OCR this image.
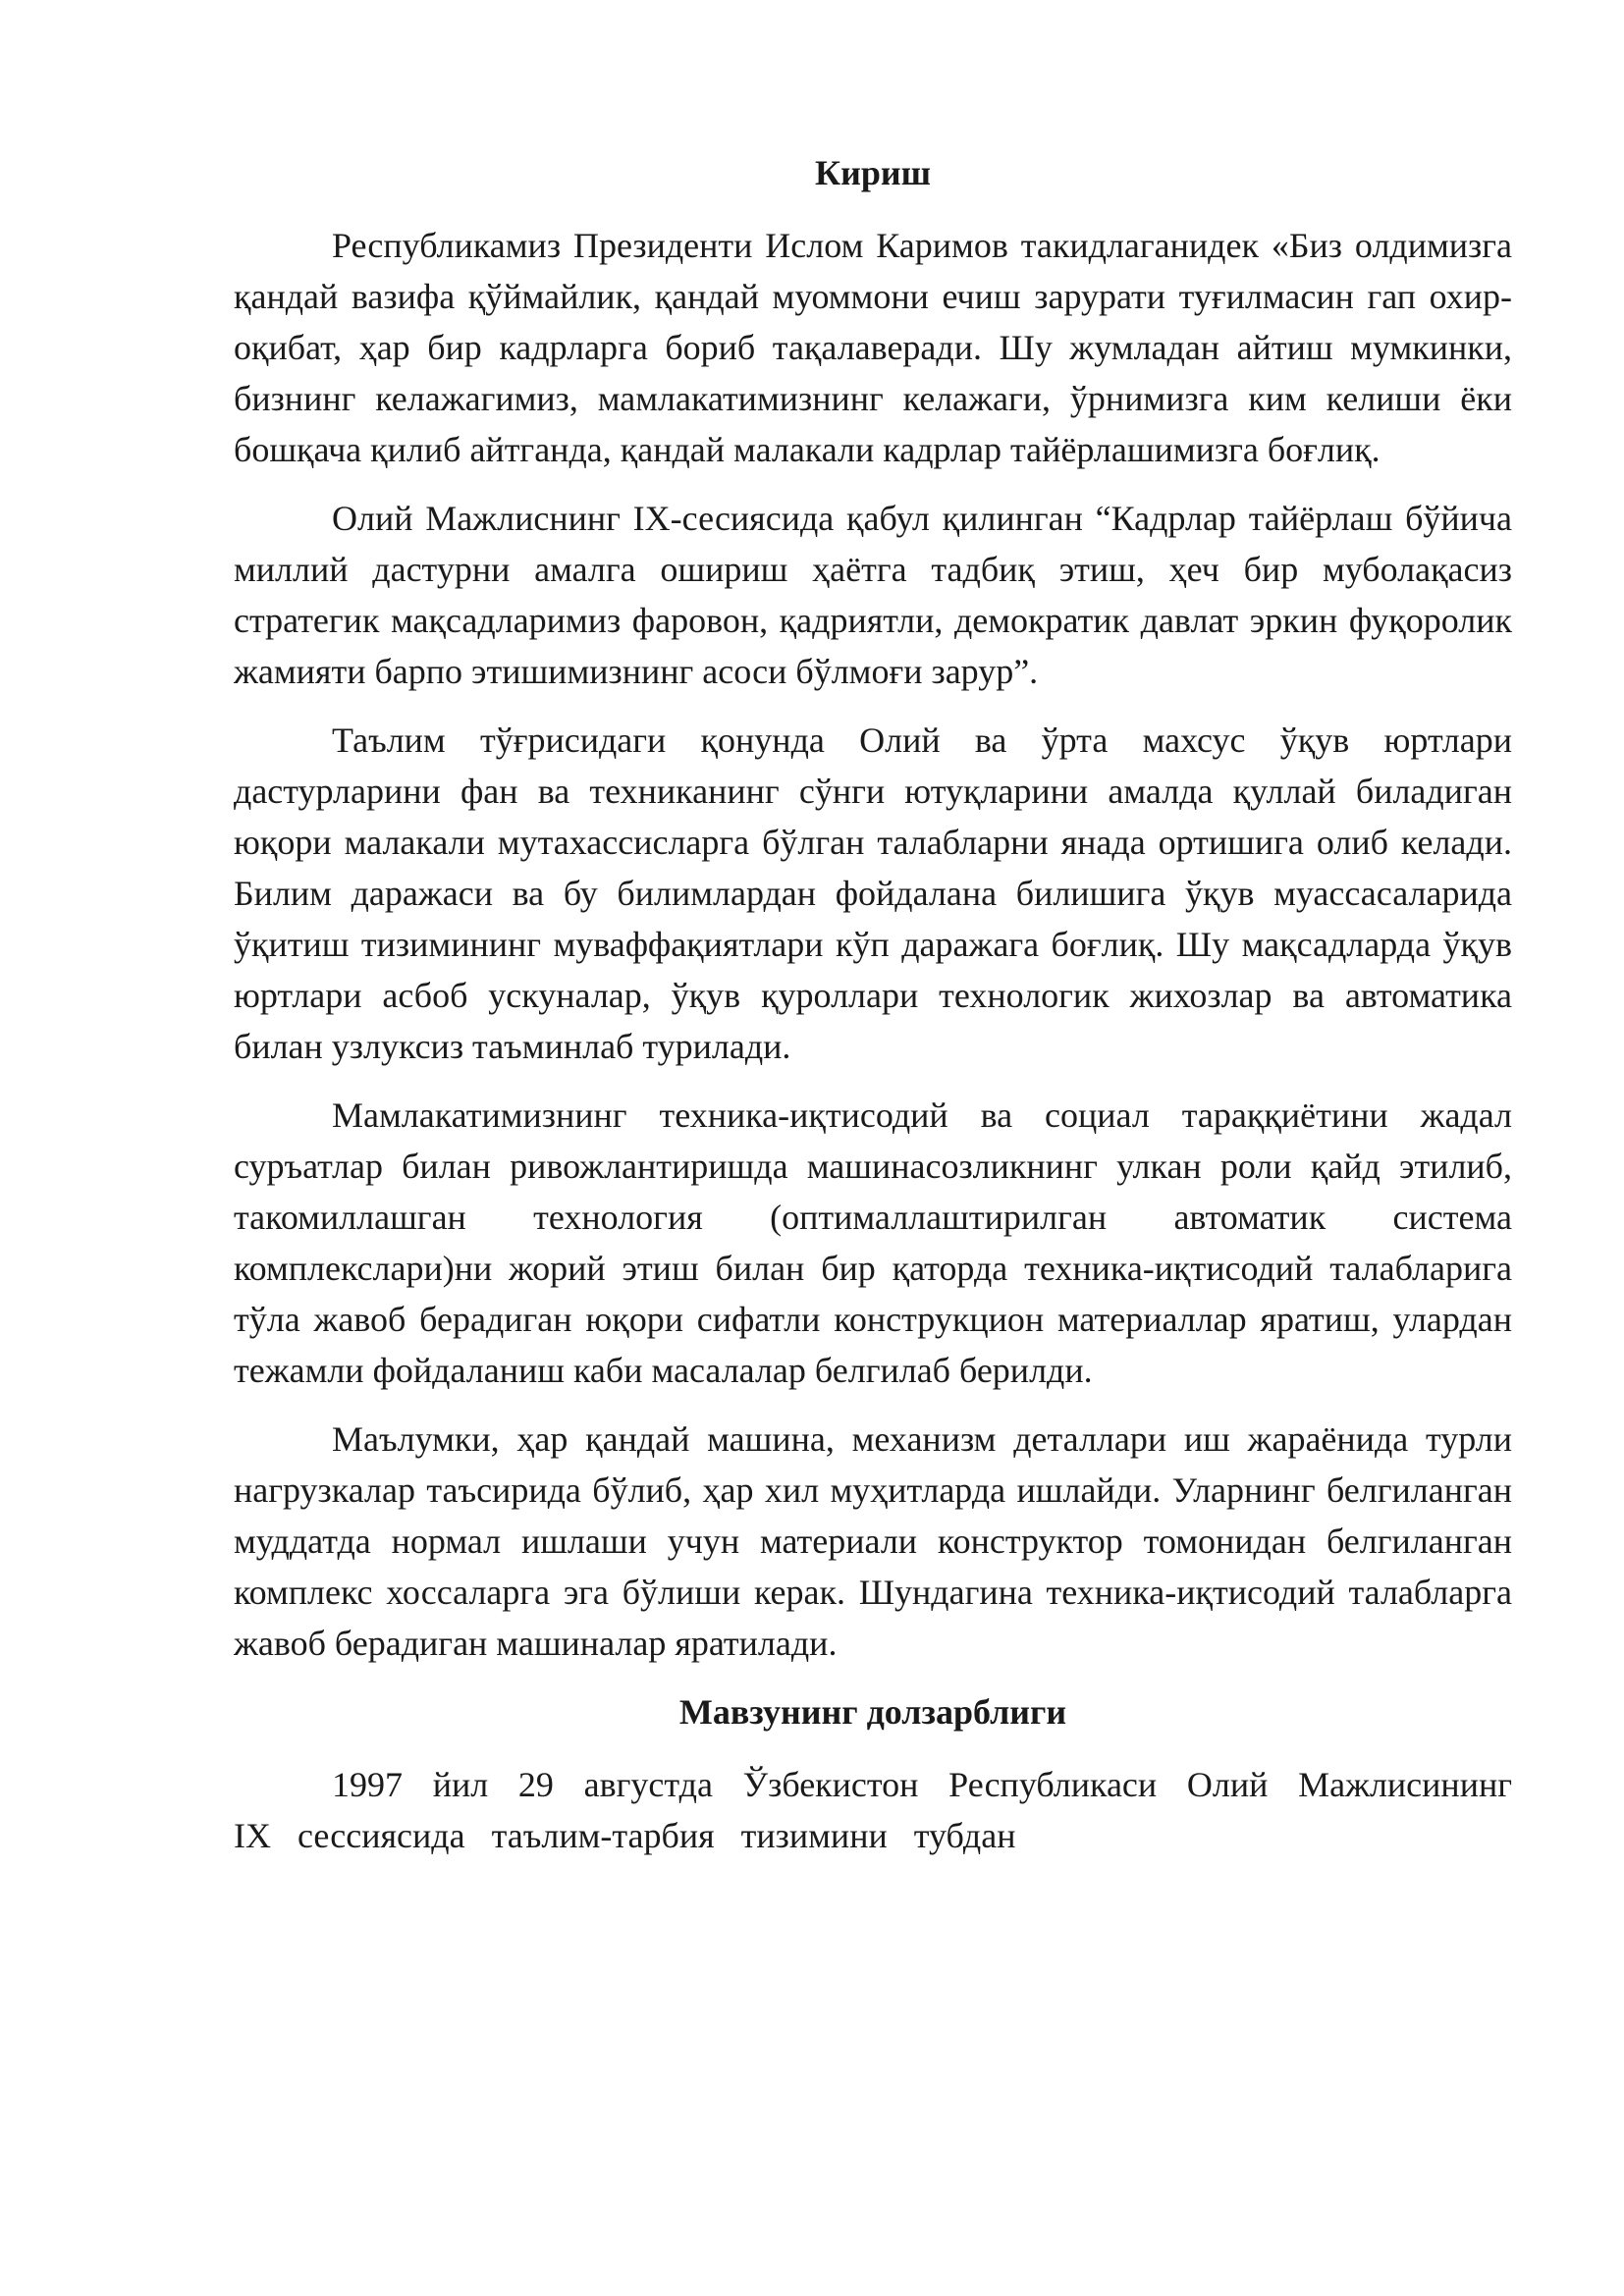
Кириш

Республикамиз Президенти Ислом Каримов такидлаганидек «Биз олдимизга қандай вазифа қўймайлик, қандай муоммони ечиш зарурати туғилмасин гап охир-оқибат, ҳар бир кадрларга бориб тақалаверади. Шу жумладан айтиш мумкинки, бизнинг келажагимиз, мамлакатимизнинг келажаги, ўрнимизга ким келиши ёки бошқача қилиб айтганда, қандай малакали кадрлар тайёрлашимизга боғлиқ.

Олий Мажлиснинг IX-сесиясида қабул қилинган “Кадрлар тайёрлаш бўйича миллий дастурни амалга ошириш ҳаётга тадбиқ этиш, ҳеч бир муболақасиз стратегик мақсадларимиз фаровон, қадриятли, демократик давлат эркин фуқоролик жамияти барпо этишимизнинг асоси бўлмоғи зарур”.

Таълим тўғрисидаги қонунда Олий ва ўрта махсус ўқув юртлари дастурларини фан ва техниканинг сўнги ютуқларини амалда қуллай биладиган юқори малакали мутахассисларга бўлган талабларни янада ортишига олиб келади. Билим даражаси ва бу билимлардан фойдалана билишига ўқув муассасаларида ўқитиш тизимининг муваффақиятлари кўп даражага боғлиқ. Шу мақсадларда ўқув юртлари асбоб ускуналар, ўқув қуроллари технологик жихозлар ва автоматика билан узлуксиз таъминлаб турилади.

Мамлакатимизнинг техника-иқтисодий ва социал тараққиётини жадал суръатлар билан ривожлантиришда машинасозликнинг улкан роли қайд этилиб, такомиллашган технология (оптималлаштирилган автоматик система комплекслари)ни жорий этиш билан бир қаторда техника-иқтисодий талабларига тўла жавоб берадиган юқори сифатли конструкцион материаллар яратиш, улардан тежамли фойдаланиш каби масалалар белгилаб берилди.

Маълумки, ҳар қандай машина, механизм деталлари иш жараёнида турли нагрузкалар таъсирида бўлиб, ҳар хил муҳитларда ишлайди. Уларнинг белгиланган муддатда нормал ишлаши учун материали конструктор томонидан белгиланган комплекс хоссаларга эга бўлиши керак. Шундагина техника-иқтисодий талабларга жавоб берадиган машиналар яратилади.

Мавзунинг долзарблиги

1997 йил 29 августда Ўзбекистон Республикаси Олий Мажлисининг IX сессиясида таълим-тарбия тизимини тубдан
